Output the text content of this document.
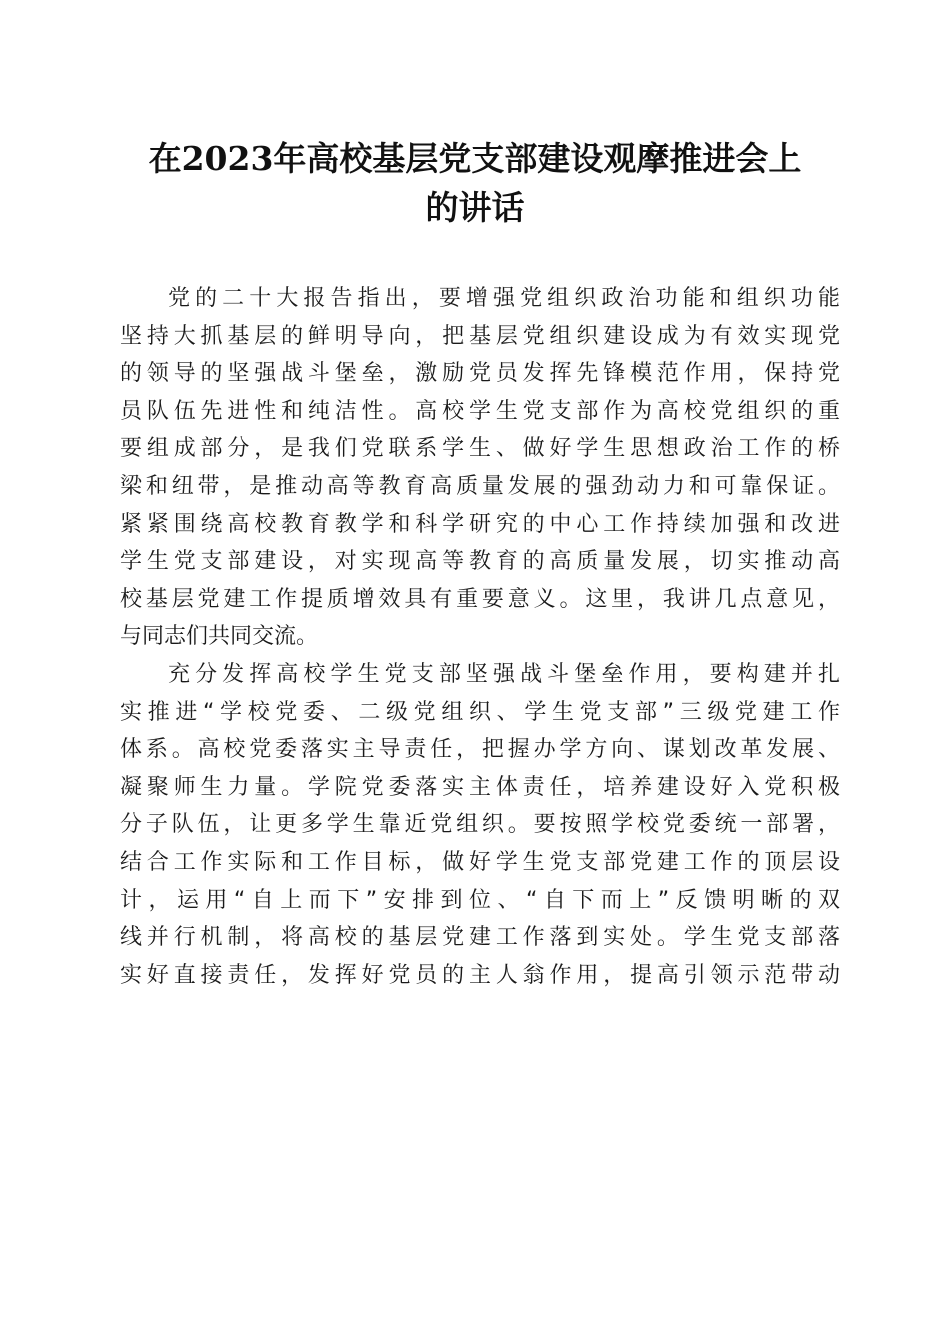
在2023年高校基层党支部建设观摩推进会上
的讲话
党的二十大报告指出，要增强党组织政治功能和组织功能
坚持大抓基层的鲜明导向，把基层党组织建设成为有效实现党
的领导的坚强战斗堡垒，激励党员发挥先锋模范作用，保持党
员队伍先进性和纯洁性。高校学生党支部作为高校党组织的重
要组成部分，是我们党联系学生、做好学生思想政治工作的桥
梁和纽带，是推动高等教育高质量发展的强劲动力和可靠保证。
紧紧围绕高校教育教学和科学研究的中心工作持续加强和改进
学生党支部建设，对实现高等教育的高质量发展，切实推动高
校基层党建工作提质增效具有重要意义。这里，我讲几点意见，
与同志们共同交流。
充分发挥高校学生党支部坚强战斗堡垒作用，要构建并扎
实推进“学校党委、二级党组织、学生党支部”三级党建工作
体系。高校党委落实主导责任，把握办学方向、谋划改革发展、
凝聚师生力量。学院党委落实主体责任，培养建设好入党积极
分子队伍，让更多学生靠近党组织。要按照学校党委统一部署，
结合工作实际和工作目标，做好学生党支部党建工作的顶层设
计，运用“自上而下”安排到位、“自下而上”反馈明晰的双
线并行机制，将高校的基层党建工作落到实处。学生党支部落
实好直接责任，发挥好党员的主人翁作用，提高引领示范带动
